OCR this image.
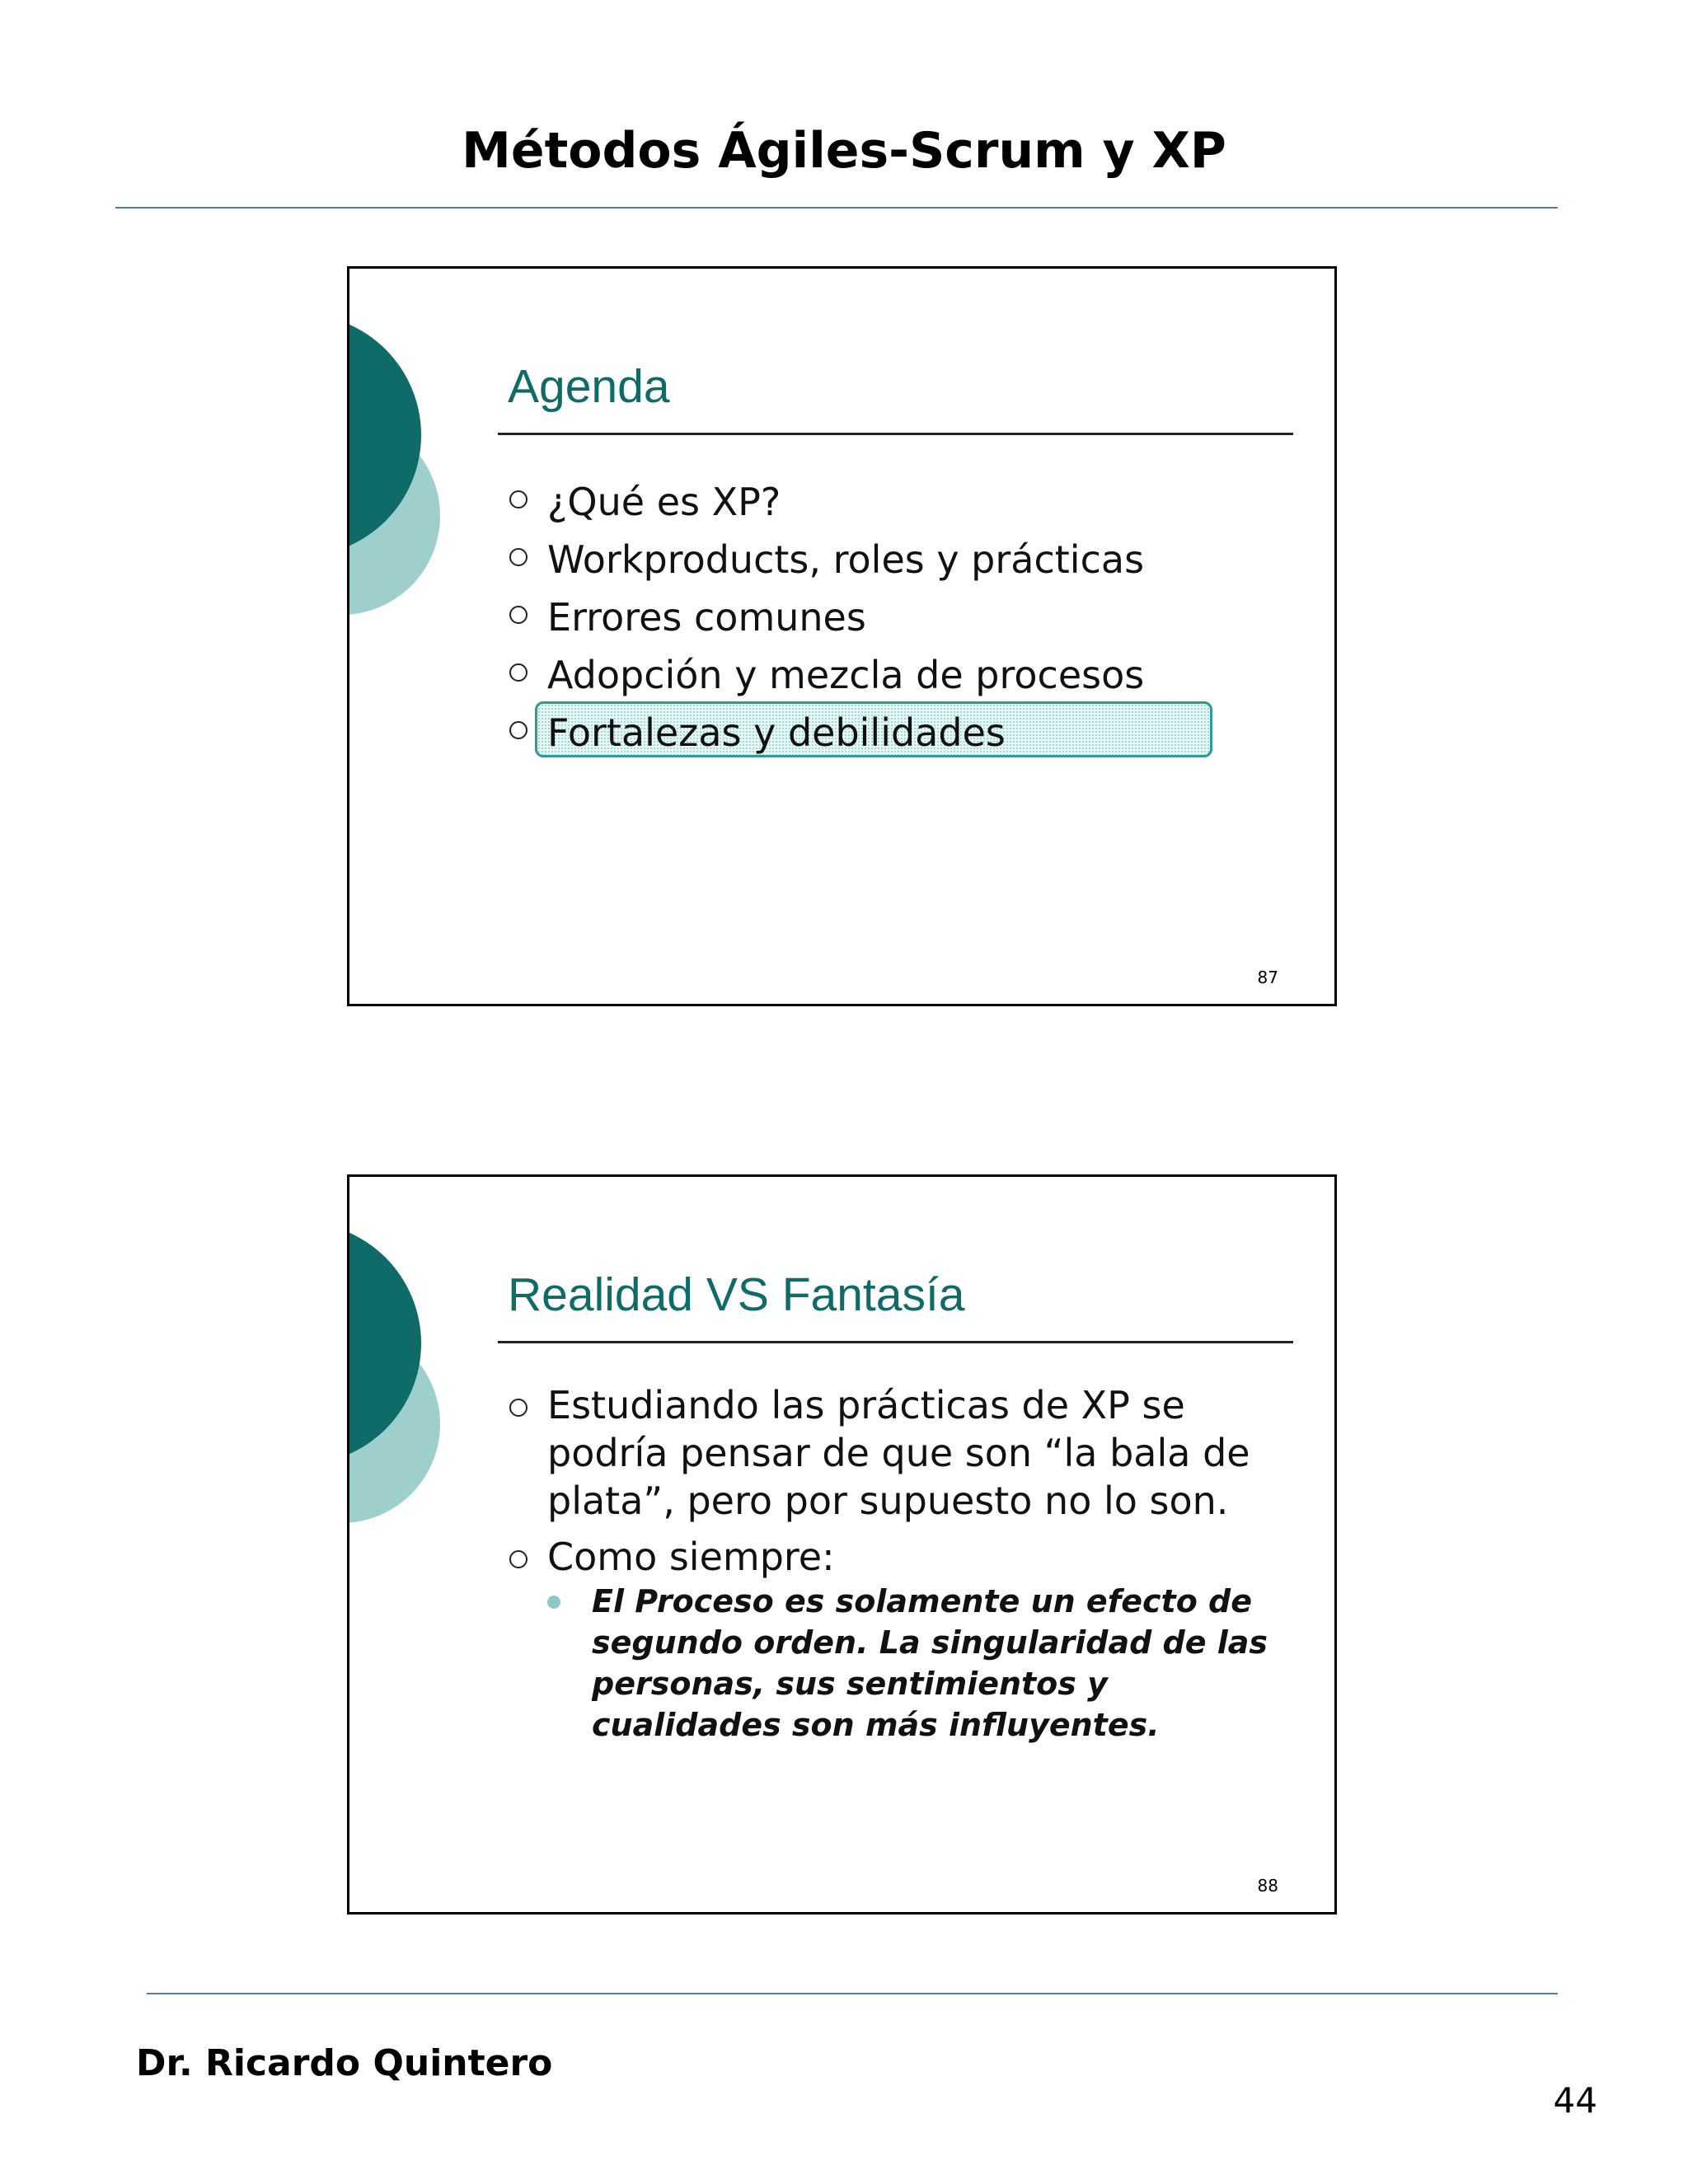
Métodos Ágiles-Scrum y XP
Agenda
¿Qué es XP?
Workproducts, roles y prácticas
Errores comunes
Adopción y mezcla de procesos
Fortalezas y debilidades
87
Realidad VS Fantasía
Estudiando las prácticas de XP se podría pensar de que son “la bala de plata”, pero por supuesto no lo son.
Como siempre:
El Proceso es solamente un efecto de segundo orden. La singularidad de las personas, sus sentimientos y cualidades son más influyentes.
88
Dr. Ricardo Quintero
44
